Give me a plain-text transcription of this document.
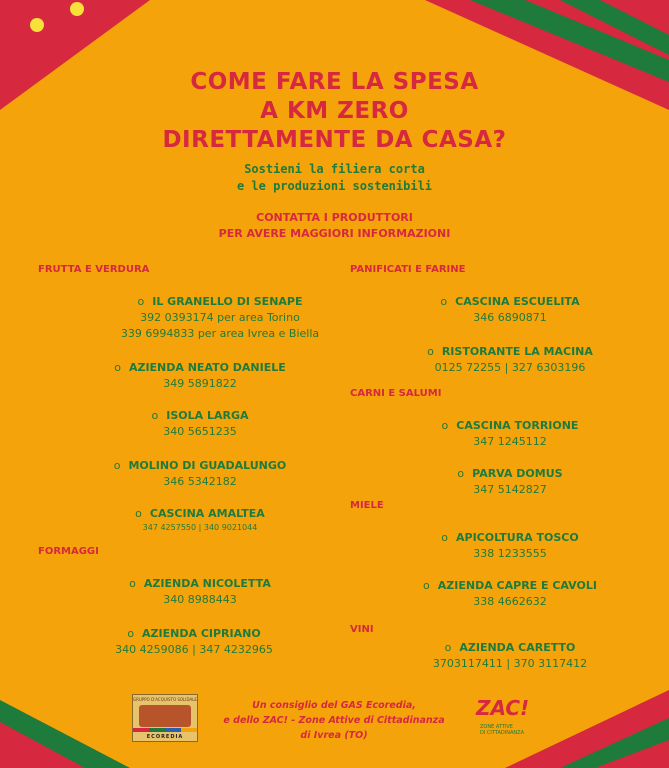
COME FARE LA SPESA
A KM ZERO
DIRETTAMENTE DA CASA?

Sostieni la filiera corta
e le produzioni sostenibili

CONTATTA I PRODUTTORI
PER AVERE MAGGIORI INFORMAZIONI

FRUTTA E VERDURA
o IL GRANELLO DI SENAPE
392 0393174 per area Torino
339 6994833 per area Ivrea e Biella
o AZIENDA NEATO DANIELE
349 5891822
o ISOLA LARGA
340 5651235
o MOLINO DI GUADALUNGO
346 5342182
o CASCINA AMALTEA
347 4257550 | 340 9021044
FORMAGGI
o AZIENDA NICOLETTA
340 8988443
o AZIENDA CIPRIANO
340 4259086 | 347 4232965
PANIFICATI E FARINE
o CASCINA ESCUELITA
346 6890871
o RISTORANTE LA MACINA
0125 72255 | 327 6303196
CARNI E SALUMI
o CASCINA TORRIONE
347 1245112
o PARVA DOMUS
347 5142827
MIELE
o APICOLTURA TOSCO
338 1233555
o AZIENDA CAPRE E CAVOLI
338 4662632
VINI
o AZIENDA CARETTO
3703117411 | 370 3117412
GRUPPO D'ACQUISTO SOLIDALE
ECOREDIA
Un consiglio del GAS Ecoredia,
e dello ZAC! - Zone Attive di Cittadinanza
di Ivrea (TO)
ZAC!
ZONE ATTIVE
DI CITTADINANZA
